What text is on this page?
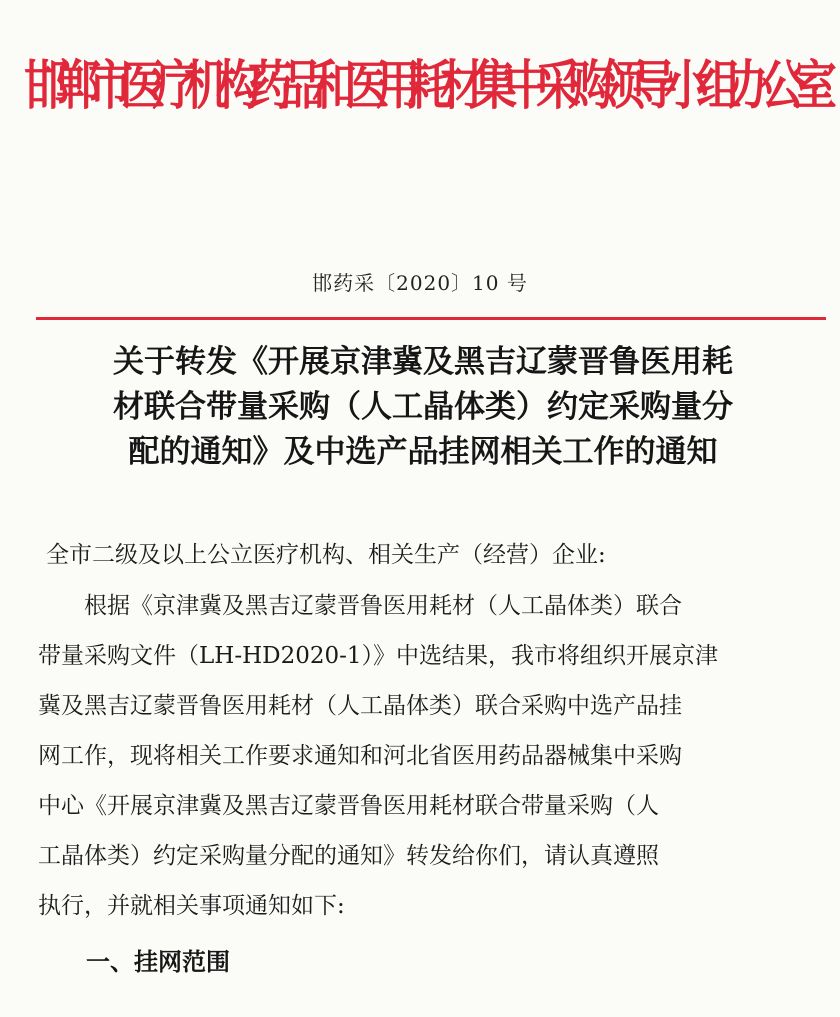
邯郸市医疗机构药品和医用耗材集中采购领导小组办公室
邯药采〔2020〕10 号
关于转发《开展京津冀及黑吉辽蒙晋鲁医用耗
材联合带量采购（人工晶体类）约定采购量分
配的通知》及中选产品挂网相关工作的通知
全市二级及以上公立医疗机构、相关生产（经营）企业:
　　根据《京津冀及黑吉辽蒙晋鲁医用耗材（人工晶体类）联合
带量采购文件（LH-HD2020-1）》中选结果，我市将组织开展京津
冀及黑吉辽蒙晋鲁医用耗材（人工晶体类）联合采购中选产品挂
网工作，现将相关工作要求通知和河北省医用药品器械集中采购
中心《开展京津冀及黑吉辽蒙晋鲁医用耗材联合带量采购（人
工晶体类）约定采购量分配的通知》转发给你们，请认真遵照
执行，并就相关事项通知如下:
一、挂网范围
